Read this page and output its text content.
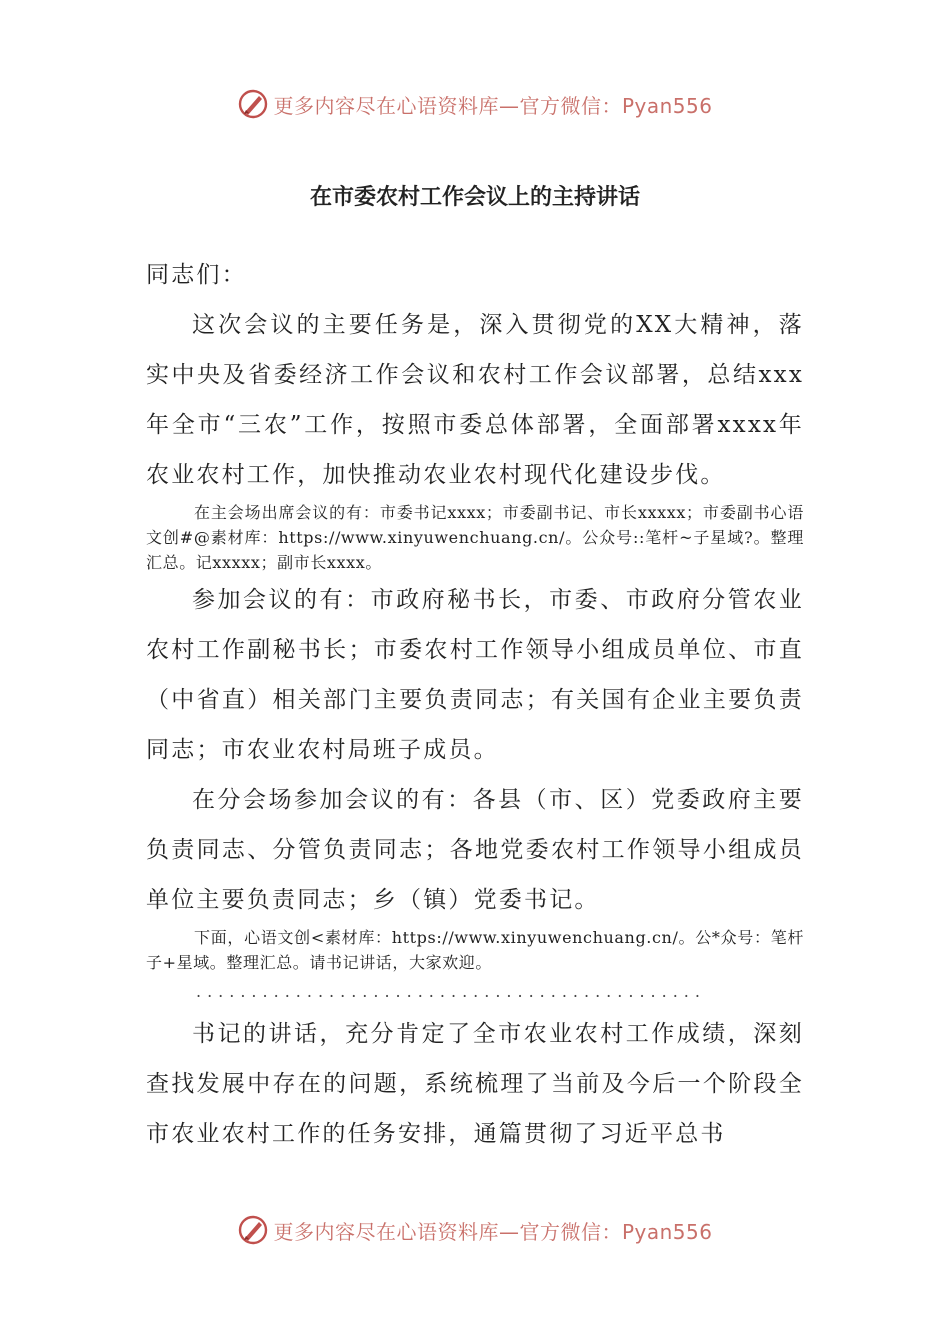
更多内容尽在心语资料库—官方微信：Pyan556
在市委农村工作会议上的主持讲话

同志们：

这次会议的主要任务是，深入贯彻党的XX大精神，落实中央及省委经济工作会议和农村工作会议部署，总结xxx年全市“三农”工作，按照市委总体部署，全面部署xxxx年农业农村工作，加快推动农业农村现代化建设步伐。

在主会场出席会议的有：市委书记xxxx；市委副书记、市长xxxxx；市委副书心语文创#@素材库：https://www.xinyuwenchuang.cn/。公众号::笔杆~子星域?。整理汇总。记xxxxx；副市长xxxx。

参加会议的有：市政府秘书长，市委、市政府分管农业农村工作副秘书长；市委农村工作领导小组成员单位、市直（中省直）相关部门主要负责同志；有关国有企业主要负责同志；市农业农村局班子成员。

在分会场参加会议的有：各县（市、区）党委政府主要负责同志、分管负责同志；各地党委农村工作领导小组成员单位主要负责同志；乡（镇）党委书记。

下面，心语文创<素材库：https://www.xinyuwenchuang.cn/。公*众号：笔杆子+星域。整理汇总。请书记讲话，大家欢迎。

..............................................

书记的讲话，充分肯定了全市农业农村工作成绩，深刻查找发展中存在的问题，系统梳理了当前及今后一个阶段全市农业农村工作的任务安排，通篇贯彻了习近平总书

更多内容尽在心语资料库—官方微信：Pyan556
